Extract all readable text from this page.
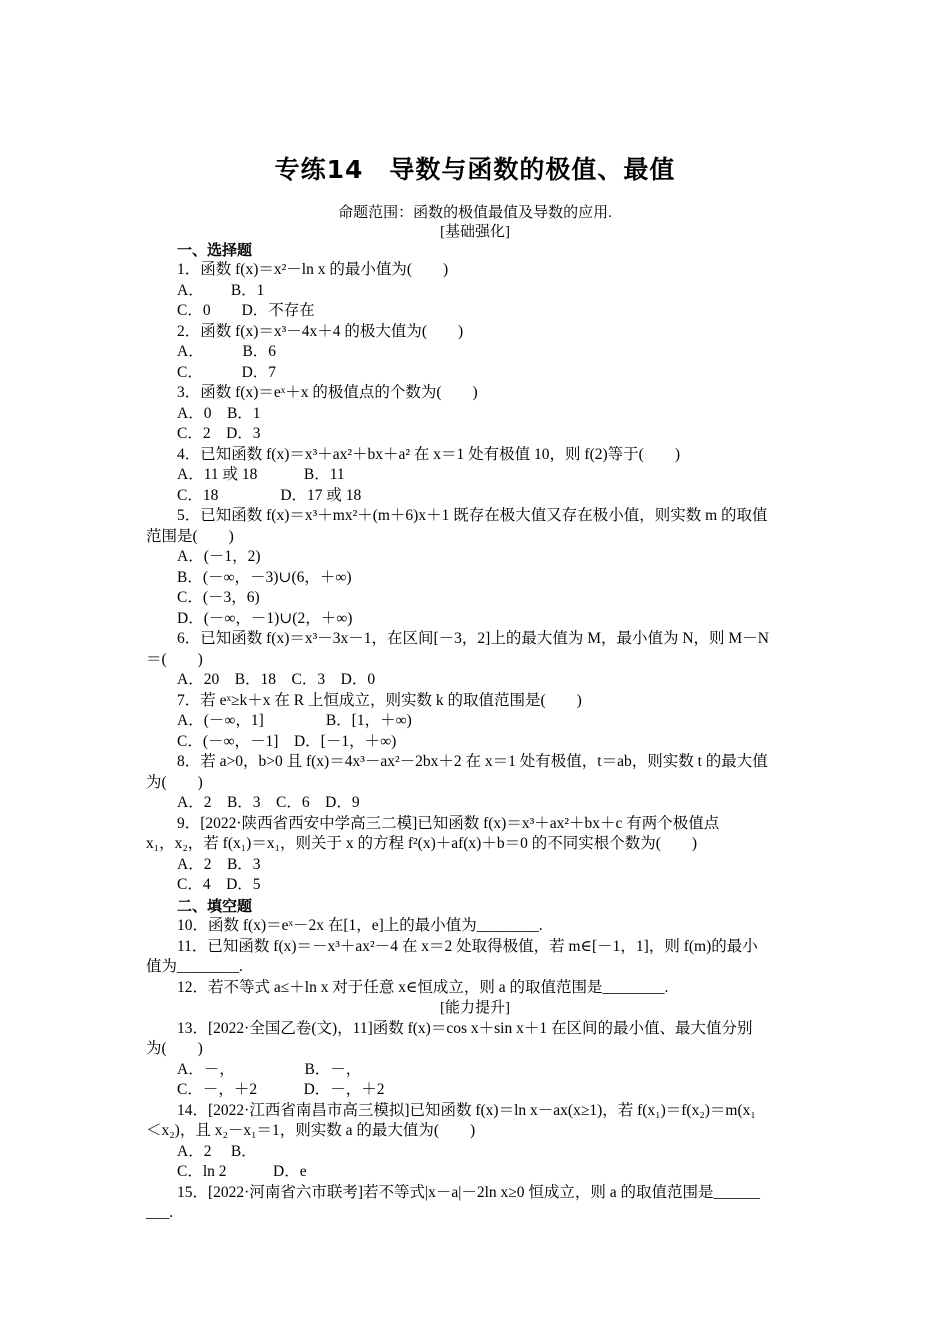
专练14　导数与函数的极值、最值
命题范围：函数的极值最值及导数的应用.
[基础强化]
一、选择题
1．函数 f(x)＝x²－ln x 的最小值为(　　)
A．　　 B．1
C．0　　D．不存在
2．函数 f(x)＝x³－4x＋4 的极大值为(　　)
A．　　　B．6
C．　　　D．7
3．函数 f(x)＝eˣ＋x 的极值点的个数为(　　)
A．0　B．1
C．2　D．3
4．已知函数 f(x)＝x³＋ax²＋bx＋a² 在 x＝1 处有极值 10，则 f(2)等于(　　)
A．11 或 18　　　B．11
C．18　　　　D．17 或 18
5．已知函数 f(x)＝x³＋mx²＋(m＋6)x＋1 既存在极大值又存在极小值，则实数 m 的取值
范围是(　　)
A．(－1，2)
B．(－∞，－3)∪(6，＋∞)
C．(－3，6)
D．(－∞，－1)∪(2，＋∞)
6．已知函数 f(x)＝x³－3x－1，在区间[－3，2]上的最大值为 M，最小值为 N，则 M－N
＝(　　)
A．20　B．18　C．3　D．0
7．若 eˣ≥k＋x 在 R 上恒成立，则实数 k 的取值范围是(　　)
A．(－∞，1]　　　　B．[1，＋∞)
C．(－∞，－1]　D．[－1，＋∞)
8．若 a>0，b>0 且 f(x)＝4x³－ax²－2bx＋2 在 x＝1 处有极值，t＝ab，则实数 t 的最大值
为(　　)
A．2　B．3　C．6　D．9
9．[2022·陕西省西安中学高三二模]已知函数 f(x)＝x³＋ax²＋bx＋c 有两个极值点
x₁，x₂，若 f(x₁)＝x₁，则关于 x 的方程 f²(x)＋af(x)＋b＝0 的不同实根个数为(　　)
A．2　B．3
C．4　D．5
二、填空题
10．函数 f(x)＝eˣ－2x 在[1，e]上的最小值为________.
11．已知函数 f(x)＝－x³＋ax²－4 在 x＝2 处取得极值，若 m∈[－1，1]，则 f(m)的最小
值为________.
12．若不等式 a≤＋ln x 对于任意 x∈恒成立，则 a 的取值范围是________.
[能力提升]
13．[2022·全国乙卷(文)，11]函数 f(x)＝cos x＋sin x＋1 在区间的最小值、最大值分别
为(　　)
A．－，　　　　　B．－，
C．－，＋2　　　D．－，＋2
14．[2022·江西省南昌市高三模拟]已知函数 f(x)＝ln x－ax(x≥1)，若 f(x₁)＝f(x₂)＝m(x₁
＜x₂)，且 x₂－x₁＝1，则实数 a 的最大值为(　　)
A．2　 B．
C．ln 2　　　D．e
15．[2022·河南省六市联考]若不等式|x－a|－2ln x≥0 恒成立，则 a 的取值范围是______
___.
